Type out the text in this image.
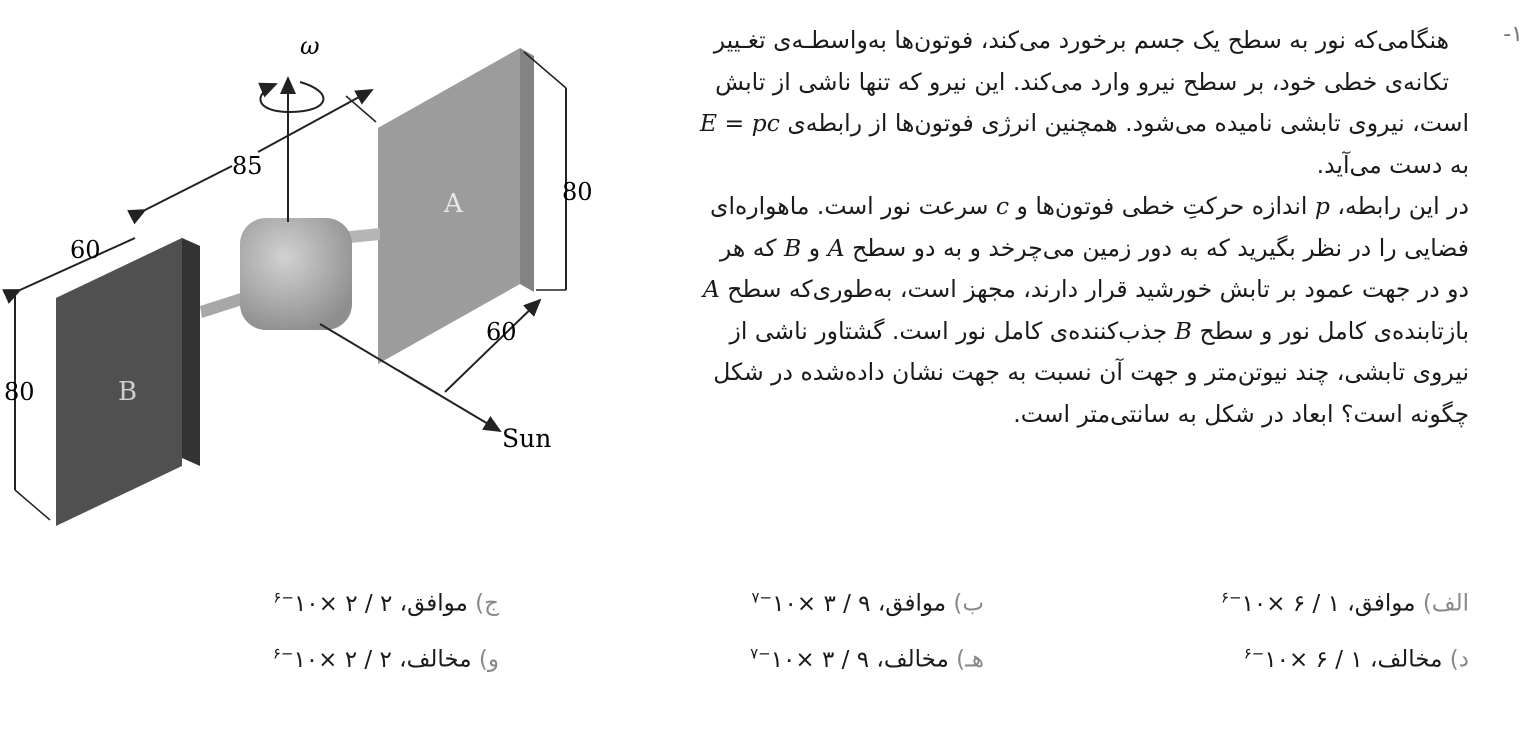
۱-
هنگامی‌که نور به سطح یک جسم برخورد می‌کند، فوتون‌ها به‌واسطـه‌ی تغـییر
تکانه‌ی خطی خود، بر سطح نیرو وارد می‌کند. این نیرو که تنها ناشی از تابش
است، نیروی تابشی نامیده می‌شود. همچنین انرژی فوتون‌ها از رابطه‌ی E = pc
به دست می‌آید.
در این رابطه، p اندازه حرکتِ خطی فوتون‌ها و c سرعت نور است. ماهواره‌ای
فضایی را در نظر بگیرید که به دور زمین می‌چرخد و به دو سطح A و B که هر
دو در جهت عمود بر تابش خورشید قرار دارند، مجهز است، به‌طوری‌که سطح A
بازتابنده‌ی کامل نور و سطح B جذب‌کننده‌ی کامل نور است. گشتاور ناشی از
نیروی تابشی، چند نیوتن‌متر و جهت آن نسبت به جهت نشان داده‌شده در شکل
چگونه است؟ ابعاد در شکل به سانتی‌متر است.
ω
Sun
85
80
60
60
80
A
B
الف) موافق، ۱ / ۶ $\times ۱۰^{-۶}$
ب) موافق، ۹ / ۳ $\times ۱۰^{-۷}$
ج) موافق، ۲ / ۲ $\times ۱۰^{-۶}$
د) مخالف، ۱ / ۶ $\times ۱۰^{-۶}$
هـ) مخالف، ۹ / ۳ $\times ۱۰^{-۷}$
و) مخالف، ۲ / ۲ $\times ۱۰^{-۶}$
